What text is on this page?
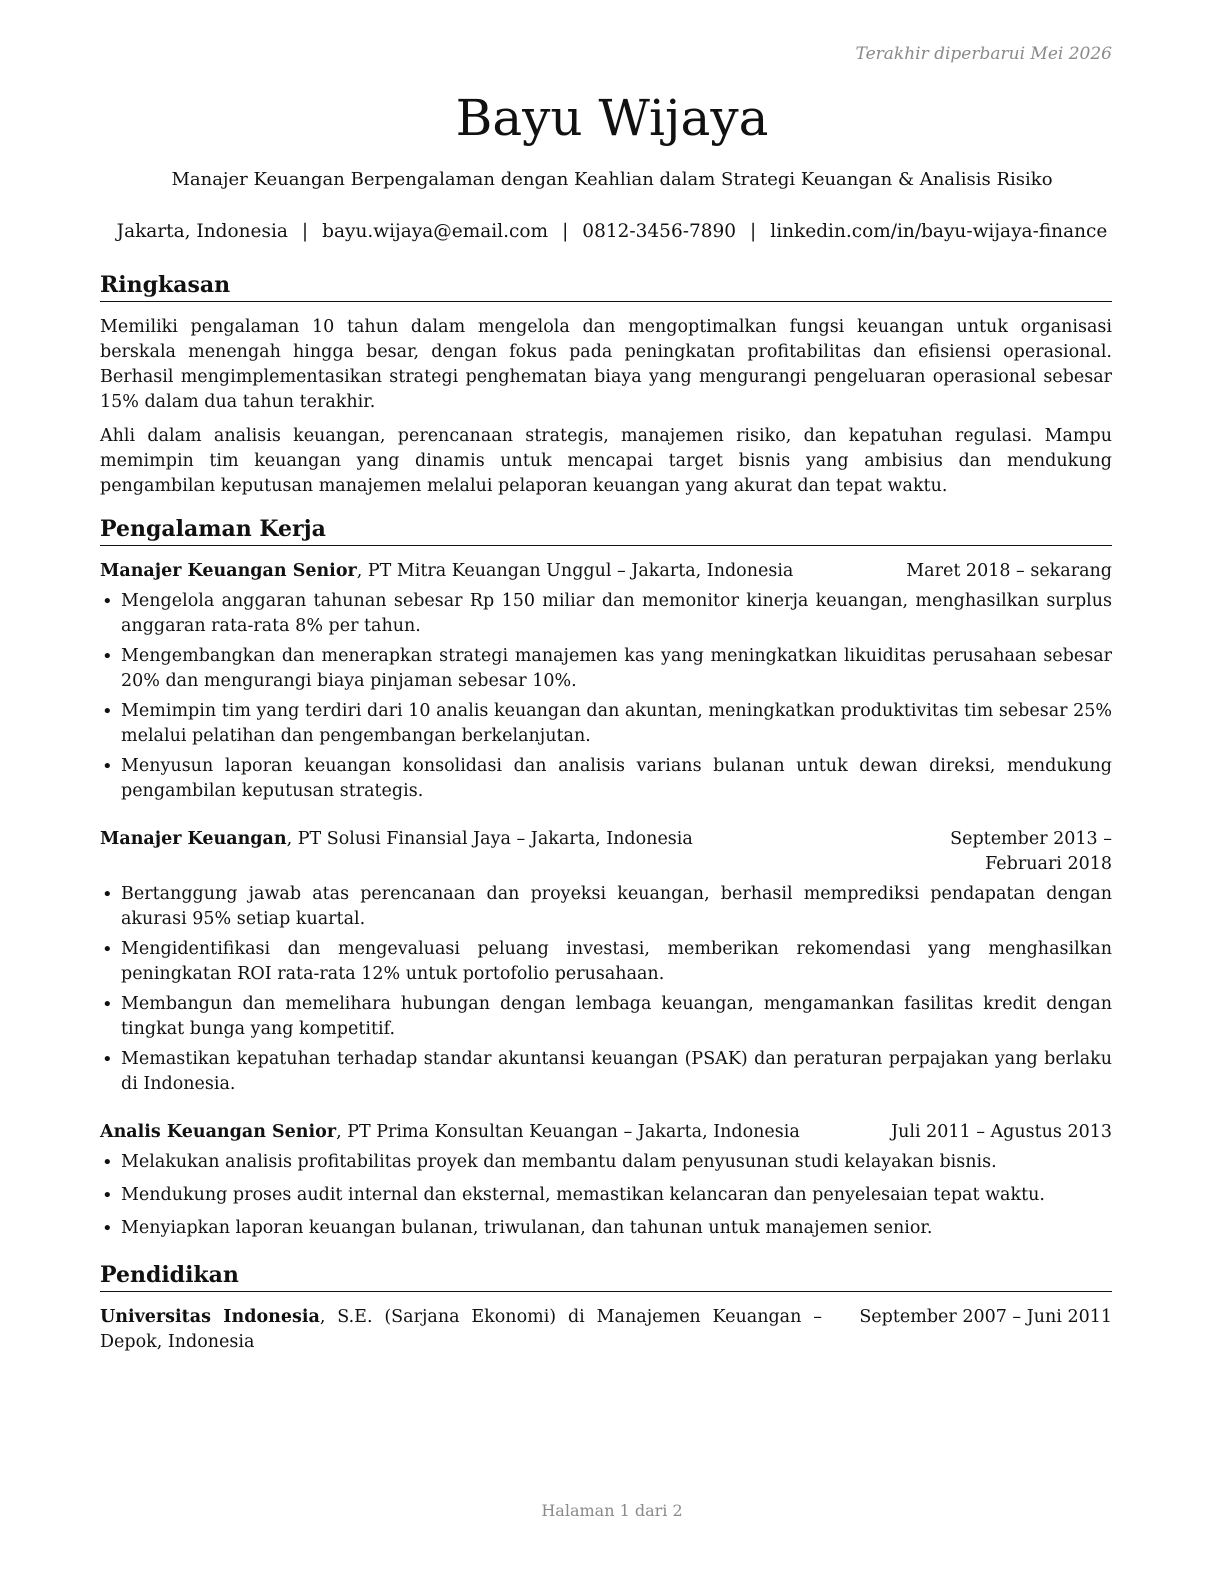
Terakhir diperbarui Mei 2026
Bayu Wijaya
Manajer Keuangan Berpengalaman dengan Keahlian dalam Strategi Keuangan & Analisis Risiko
Jakarta, Indonesia | bayu.wijaya@email.com | 0812-3456-7890 | linkedin.com/in/bayu-wijaya-finance
Ringkasan

Memiliki pengalaman 10 tahun dalam mengelola dan mengoptimalkan fungsi keuangan untuk organisasi berskala menengah hingga besar, dengan fokus pada peningkatan profitabilitas dan efisiensi operasional. Berhasil mengimplementasikan strategi penghematan biaya yang mengurangi pengeluaran operasional sebesar 15% dalam dua tahun terakhir.

Ahli dalam analisis keuangan, perencanaan strategis, manajemen risiko, dan kepatuhan regulasi. Mampu memimpin tim keuangan yang dinamis untuk mencapai target bisnis yang ambisius dan mendukung pengambilan keputusan manajemen melalui pelaporan keuangan yang akurat dan tepat waktu.

Pengalaman Kerja
Manajer Keuangan Senior, PT Mitra Keuangan Unggul – Jakarta, Indonesia	Maret 2018 – sekarang
• Mengelola anggaran tahunan sebesar Rp 150 miliar dan memonitor kinerja keuangan, menghasilkan surplus anggaran rata-rata 8% per tahun.
• Mengembangkan dan menerapkan strategi manajemen kas yang meningkatkan likuiditas perusahaan sebesar 20% dan mengurangi biaya pinjaman sebesar 10%.
• Memimpin tim yang terdiri dari 10 analis keuangan dan akuntan, meningkatkan produktivitas tim sebesar 25% melalui pelatihan dan pengembangan berkelanjutan.
• Menyusun laporan keuangan konsolidasi dan analisis varians bulanan untuk dewan direksi, mendukung pengambilan keputusan strategis.
Manajer Keuangan, PT Solusi Finansial Jaya – Jakarta, Indonesia	September 2013 – Februari 2018
• Bertanggung jawab atas perencanaan dan proyeksi keuangan, berhasil memprediksi pendapatan dengan akurasi 95% setiap kuartal.
• Mengidentifikasi dan mengevaluasi peluang investasi, memberikan rekomendasi yang menghasilkan peningkatan ROI rata-rata 12% untuk portofolio perusahaan.
• Membangun dan memelihara hubungan dengan lembaga keuangan, mengamankan fasilitas kredit dengan tingkat bunga yang kompetitif.
• Memastikan kepatuhan terhadap standar akuntansi keuangan (PSAK) dan peraturan perpajakan yang berlaku di Indonesia.
Analis Keuangan Senior, PT Prima Konsultan Keuangan – Jakarta, Indonesia	Juli 2011 – Agustus 2013
• Melakukan analisis profitabilitas proyek dan membantu dalam penyusunan studi kelayakan bisnis.
• Mendukung proses audit internal dan eksternal, memastikan kelancaran dan penyelesaian tepat waktu.
• Menyiapkan laporan keuangan bulanan, triwulanan, dan tahunan untuk manajemen senior.
Pendidikan
Universitas Indonesia, S.E. (Sarjana Ekonomi) di Manajemen Keuangan – Depok, Indonesia
September 2007 – Juni 2011
Halaman 1 dari 2
